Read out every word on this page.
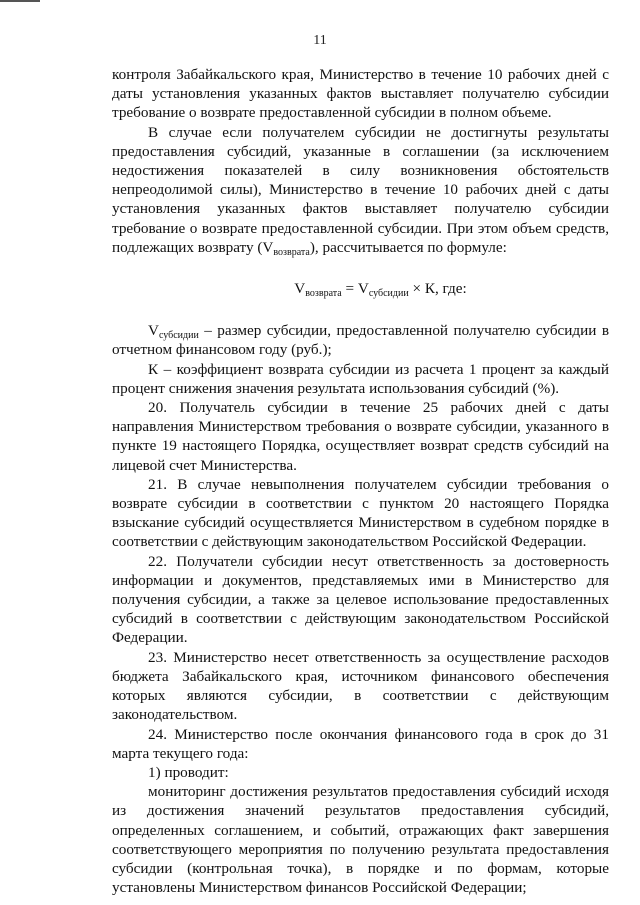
11

контроля Забайкальского края, Министерство в течение 10 рабочих дней с даты установления указанных фактов выставляет получателю субсидии требование о возврате предоставленной субсидии в полном объеме.

В случае если получателем субсидии не достигнуты результаты предоставления субсидий, указанные в соглашении (за исключением недостижения показателей в силу возникновения обстоятельств непреодолимой силы), Министерство в течение 10 рабочих дней с даты установления указанных фактов выставляет получателю субсидии требование о возврате предоставленной субсидии. При этом объем средств, подлежащих возврату $(V_{возврата})$, рассчитывается по формуле:

$V_{возврата} = V_{субсидии} \times К$, где:

$V_{субсидии}$ – размер субсидии, предоставленной получателю субсидии в отчетном финансовом году (руб.);

К – коэффициент возврата субсидии из расчета 1 процент за каждый процент снижения значения результата использования субсидий (%).

20. Получатель субсидии в течение 25 рабочих дней с даты направления Министерством требования о возврате субсидии, указанного в пункте 19 настоящего Порядка, осуществляет возврат средств субсидий на лицевой счет Министерства.

21. В случае невыполнения получателем субсидии требования о возврате субсидии в соответствии с пунктом 20 настоящего Порядка взыскание субсидий осуществляется Министерством в судебном порядке в соответствии с действующим законодательством Российской Федерации.

22. Получатели субсидии несут ответственность за достоверность информации и документов, представляемых ими в Министерство для получения субсидии, а также за целевое использование предоставленных субсидий в соответствии с действующим законодательством Российской Федерации.

23. Министерство несет ответственность за осуществление расходов бюджета Забайкальского края, источником финансового обеспечения которых являются субсидии, в соответствии с действующим законодательством.

24. Министерство после окончания финансового года в срок до 31 марта текущего года:

1) проводит:

мониторинг достижения результатов предоставления субсидий исходя из достижения значений результатов предоставления субсидий, определенных соглашением, и событий, отражающих факт завершения соответствующего мероприятия по получению результата предоставления субсидии (контрольная точка), в порядке и по формам, которые установлены Министерством финансов Российской Федерации;
